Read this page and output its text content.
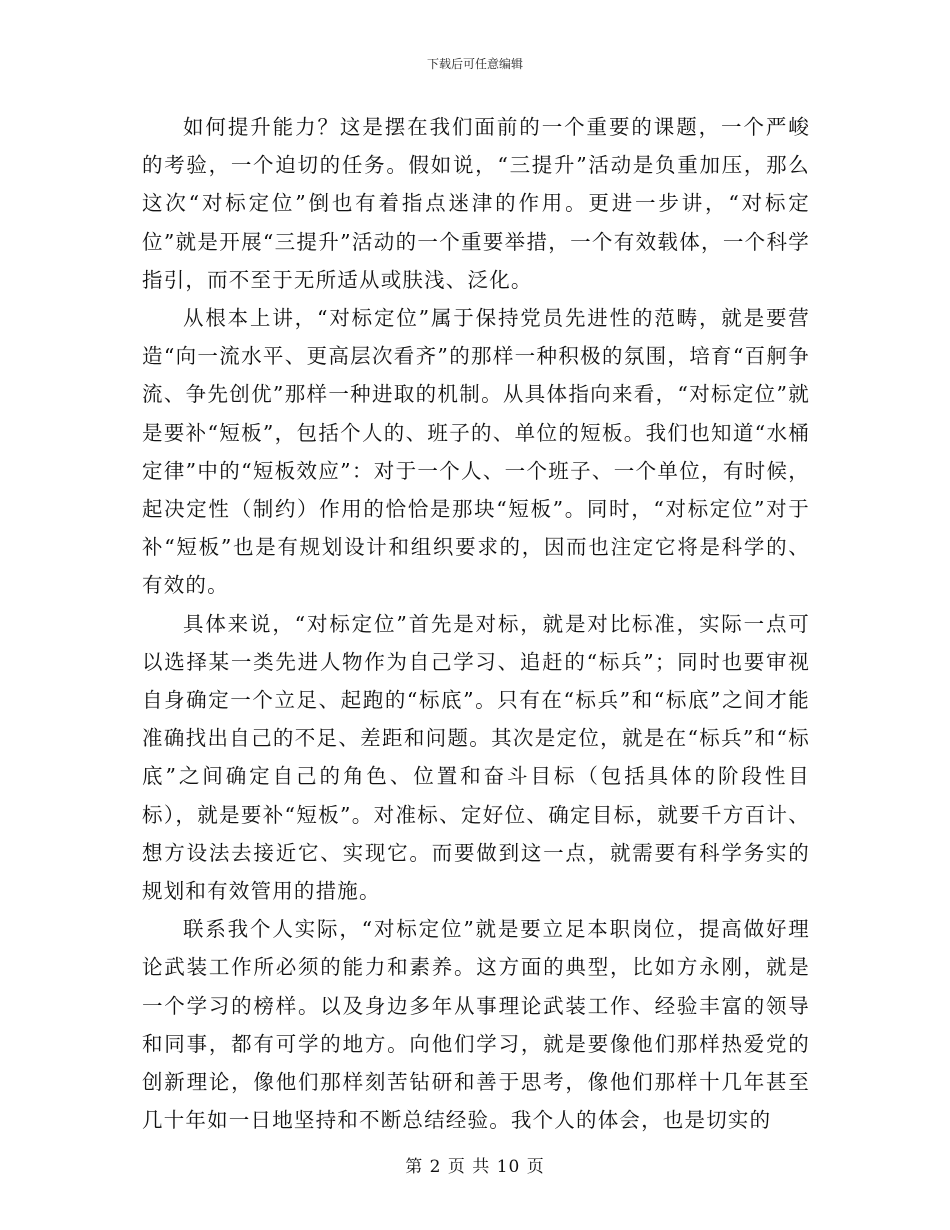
下载后可任意编辑

如何提升能力？这是摆在我们面前的一个重要的课题，一个严峻的考验，一个迫切的任务。假如说，“三提升”活动是负重加压，那么这次“对标定位”倒也有着指点迷津的作用。更进一步讲，“对标定位”就是开展“三提升”活动的一个重要举措，一个有效载体，一个科学指引，而不至于无所适从或肤浅、泛化。

从根本上讲，“对标定位”属于保持党员先进性的范畴，就是要营造“向一流水平、更高层次看齐”的那样一种积极的氛围，培育“百舸争流、争先创优”那样一种进取的机制。从具体指向来看，“对标定位”就是要补“短板”，包括个人的、班子的、单位的短板。我们也知道“水桶定律”中的“短板效应”：对于一个人、一个班子、一个单位，有时候，起决定性（制约）作用的恰恰是那块“短板”。同时，“对标定位”对于补“短板”也是有规划设计和组织要求的，因而也注定它将是科学的、有效的。

具体来说，“对标定位”首先是对标，就是对比标准，实际一点可以选择某一类先进人物作为自己学习、追赶的“标兵”；同时也要审视自身确定一个立足、起跑的“标底”。只有在“标兵”和“标底”之间才能准确找出自己的不足、差距和问题。其次是定位，就是在“标兵”和“标底”之间确定自己的角色、位置和奋斗目标（包括具体的阶段性目标），就是要补“短板”。对准标、定好位、确定目标，就要千方百计、想方设法去接近它、实现它。而要做到这一点，就需要有科学务实的规划和有效管用的措施。

联系我个人实际，“对标定位”就是要立足本职岗位，提高做好理论武装工作所必须的能力和素养。这方面的典型，比如方永刚，就是一个学习的榜样。以及身边多年从事理论武装工作、经验丰富的领导和同事，都有可学的地方。向他们学习，就是要像他们那样热爱党的创新理论，像他们那样刻苦钻研和善于思考，像他们那样十几年甚至几十年如一日地坚持和不断总结经验。我个人的体会，也是切实的

第 2 页 共 10 页
